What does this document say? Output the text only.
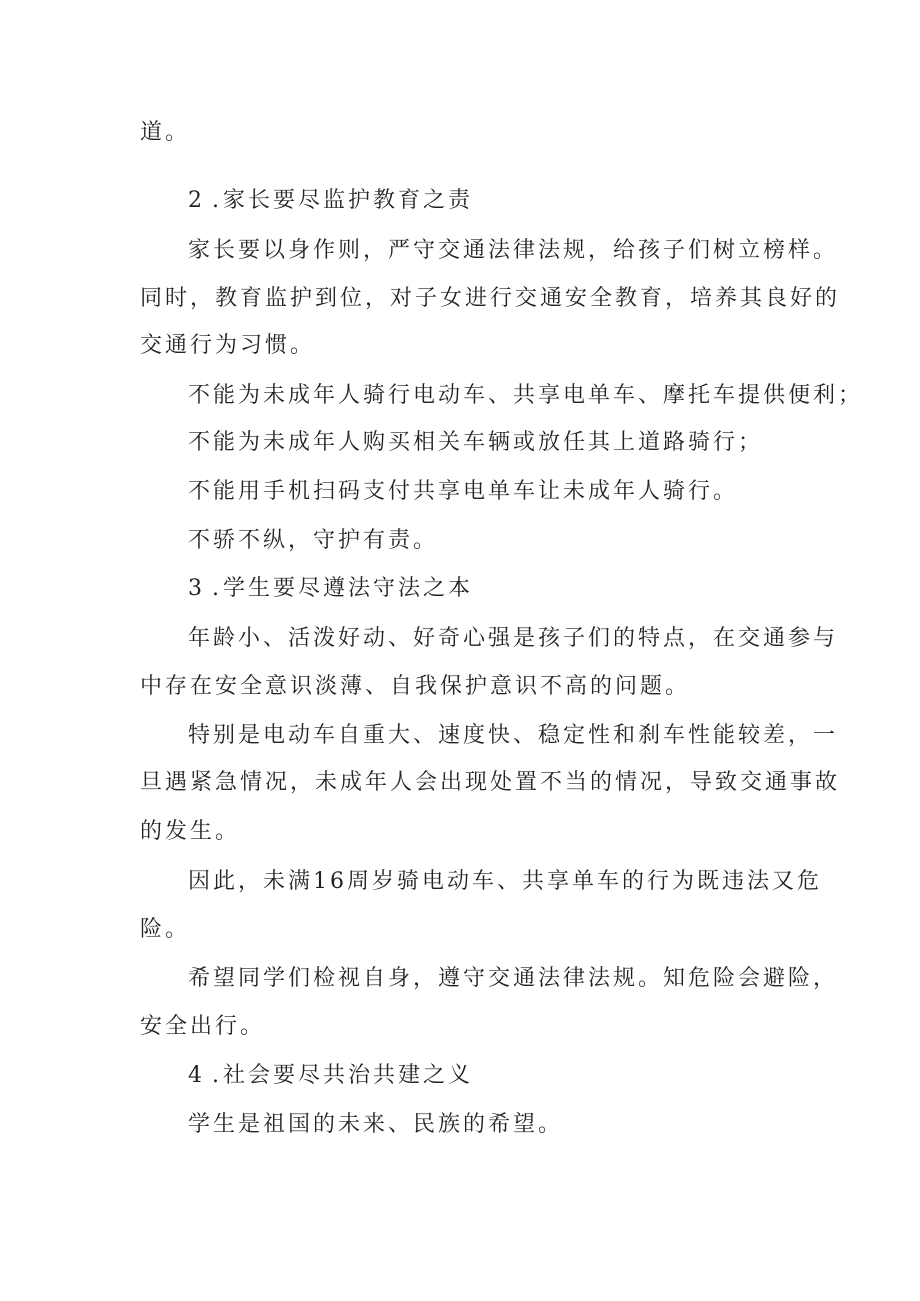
道。
2 . 家长要尽监护教育之责
家长要以身作则，严守交通法律法规，给孩子们树立榜样。
同时，教育监护到位，对子女进行交通安全教育，培养其良好的
交通行为习惯。
不能为未成年人骑行电动车、共享电单车、摩托车提供便利；
不能为未成年人购买相关车辆或放任其上道路骑行；
不能用手机扫码支付共享电单车让未成年人骑行。
不骄不纵，守护有责。
3 . 学生要尽遵法守法之本
年龄小、活泼好动、好奇心强是孩子们的特点，在交通参与
中存在安全意识淡薄、自我保护意识不高的问题。
特别是电动车自重大、速度快、稳定性和刹车性能较差，一
旦遇紧急情况，未成年人会出现处置不当的情况，导致交通事故
的发生。
因此，未满16周岁骑电动车、共享单车的行为既违法又危
险。
希望同学们检视自身，遵守交通法律法规。知危险会避险，
安全出行。
4 . 社会要尽共治共建之义
学生是祖国的未来、民族的希望。
